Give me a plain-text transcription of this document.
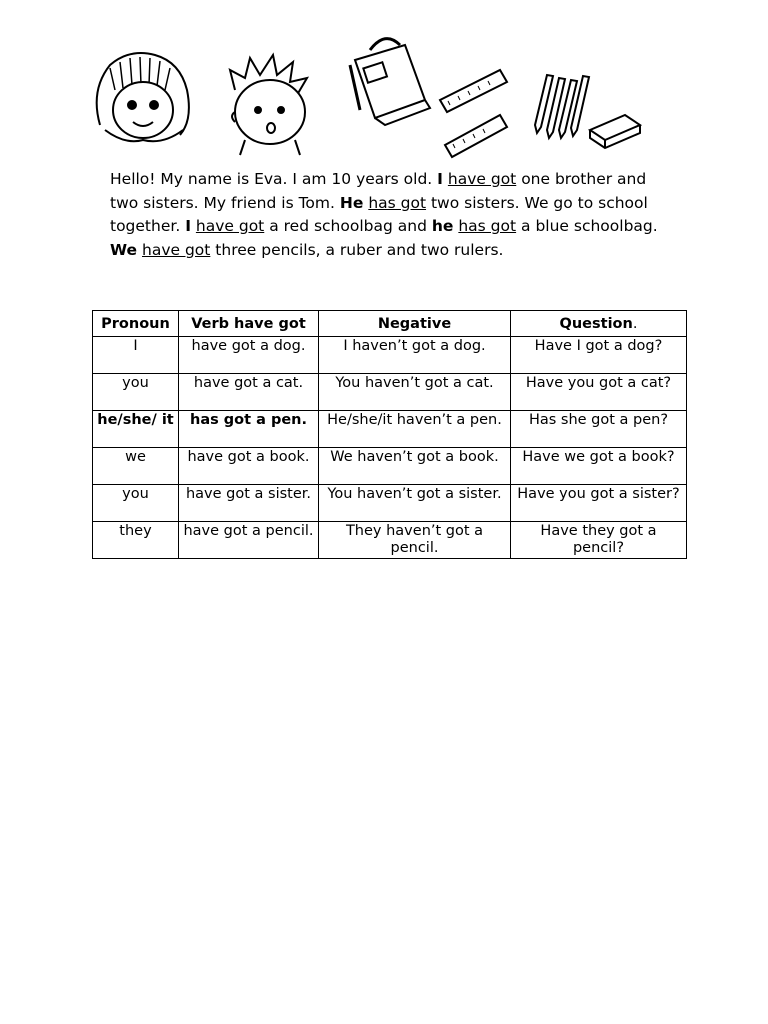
Hello! My name is Eva. I am 10 years old. I have got one brother and two sisters. My friend is Tom. He has got two sisters. We go to school together. I have got a red schoolbag and he has got a blue schoolbag. We have got three pencils, a ruber and two rulers.

Pronoun	Verb have got	Negative	Question.
I	have got a dog.	I haven’t got a dog.	Have I got a dog?
you	have got a cat.	You haven’t got a cat.	Have you got a cat?
he/she/ it	has got a pen.	He/she/it haven’t a pen.	Has she got a pen?
we	have got a book.	We haven’t got a book.	Have we got a book?
you	have got a sister.	You haven’t got a sister.	Have you got a sister?
they	have got a pencil.	They haven’t got a pencil.	Have they got a pencil?
